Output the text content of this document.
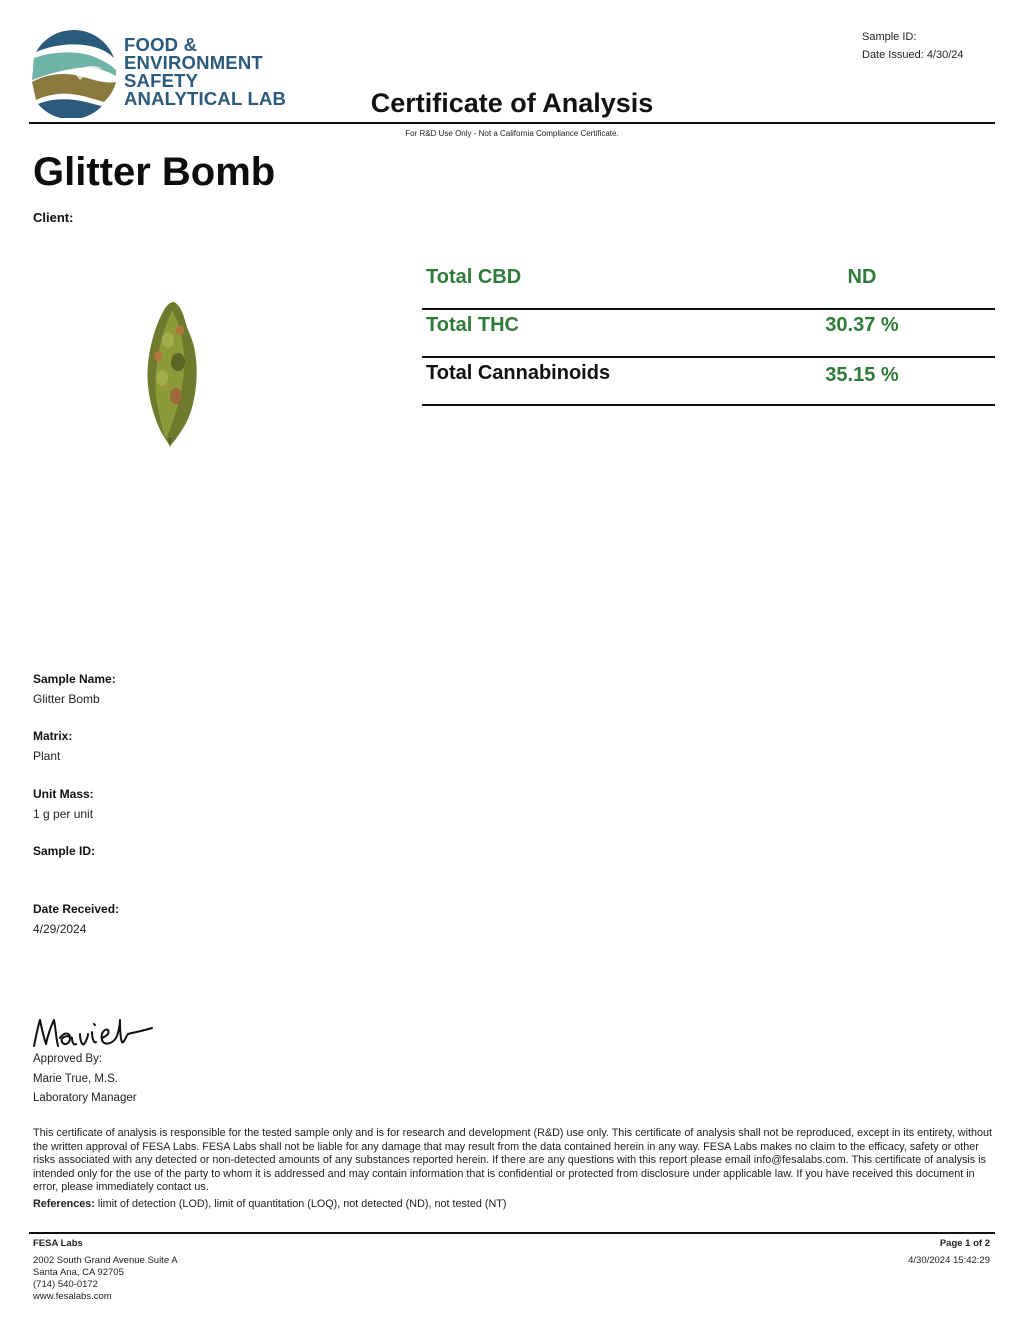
FOOD &
ENVIRONMENT
SAFETY
ANALYTICAL LAB
Sample ID:
Date Issued: 4/30/24
Certificate of Analysis
For R&D Use Only - Not a California Compliance Certificate.
Glitter Bomb
Client:
Total CBD	ND
Total THC	30.37 %
Total Cannabinoids	35.15 %
Sample Name:
Glitter Bomb
Matrix:
Plant
Unit Mass:
1 g per unit
Sample ID:
Date Received:
4/29/2024
Approved By:
Marie True, M.S.
Laboratory Manager
This certificate of analysis is responsible for the tested sample only and is for research and development (R&D) use only. This certificate of analysis shall not be reproduced, except in its entirety, without the written approval of FESA Labs. FESA Labs shall not be liable for any damage that may result from the data contained herein in any way. FESA Labs makes no claim to the efficacy, safety or other risks associated with any detected or non-detected amounts of any substances reported herein. If there are any questions with this report please email info@fesalabs.com. This certificate of analysis is intended only for the use of the party to whom it is addressed and may contain information that is confidential or protected from disclosure under applicable law. If you have received this document in error, please immediately contact us.
References: limit of detection (LOD), limit of quantitation (LOQ), not detected (ND), not tested (NT)
FESA Labs
2002 South Grand Avenue Suite A
Santa Ana, CA 92705
(714) 540-0172
www.fesalabs.com
Page 1 of 2
4/30/2024 15:42:29
